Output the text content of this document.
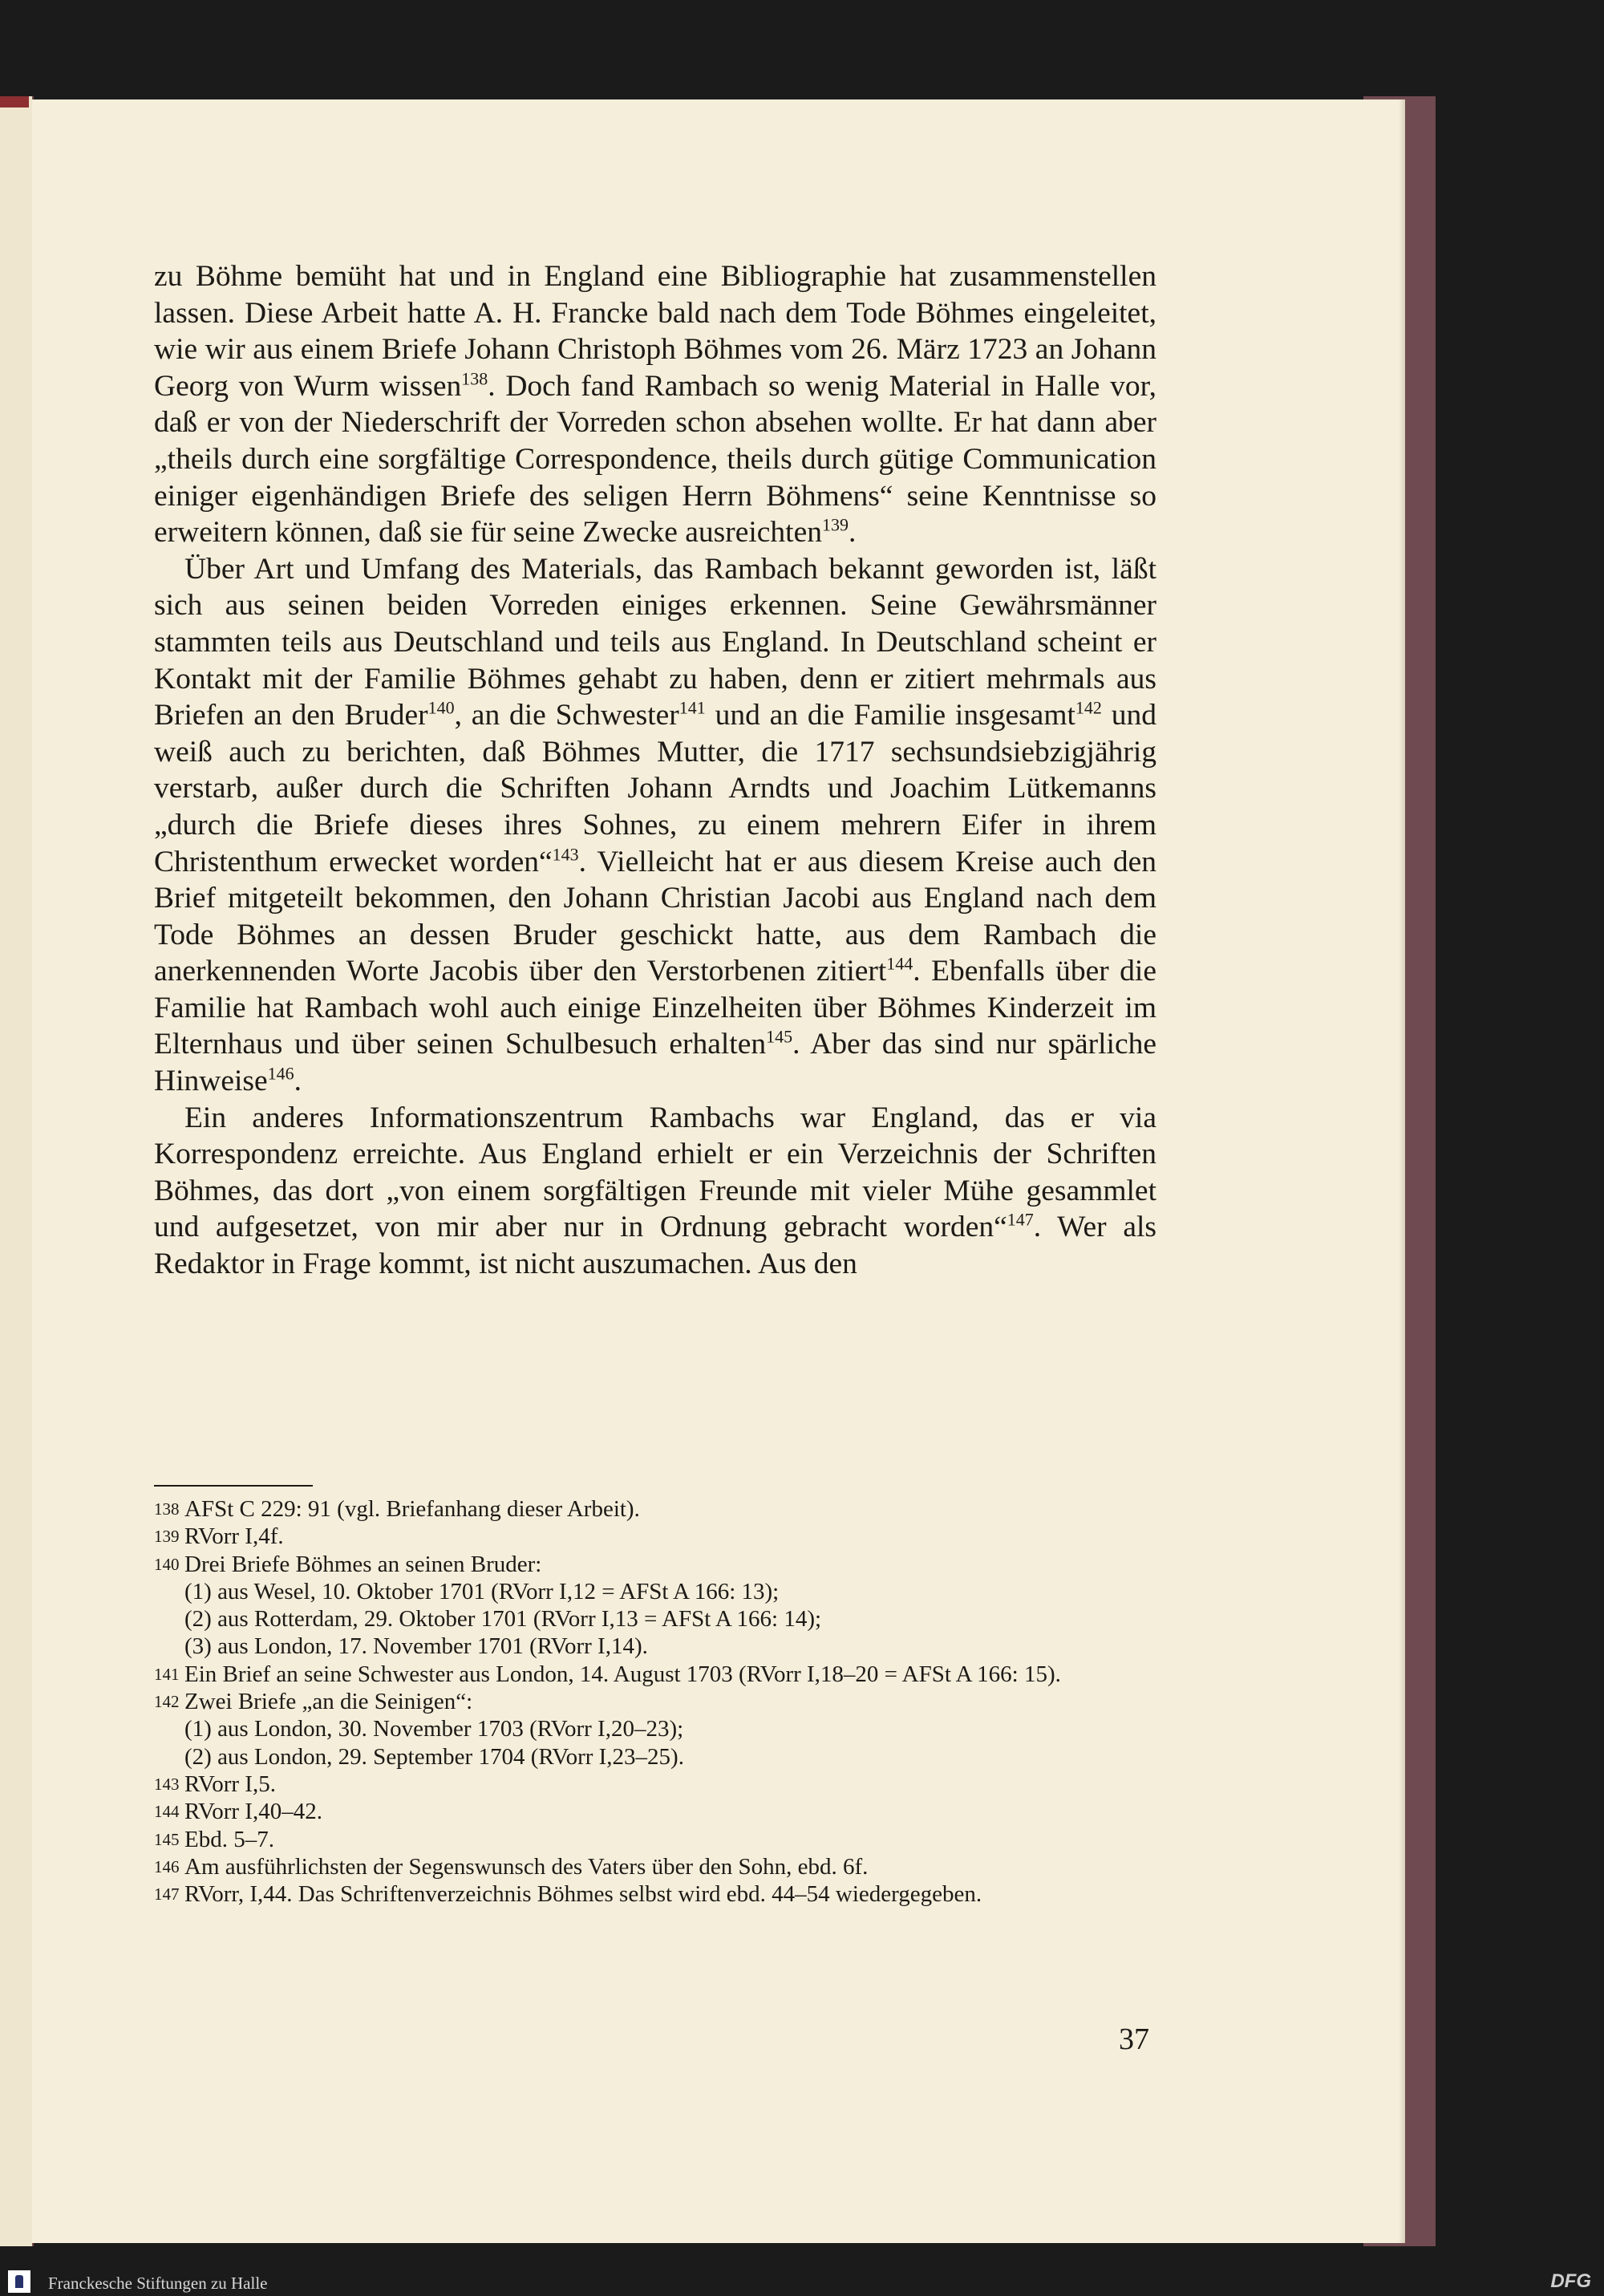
zu Böhme bemüht hat und in England eine Bibliographie hat zusammenstellen lassen. Diese Arbeit hatte A. H. Francke bald nach dem Tode Böhmes eingeleitet, wie wir aus einem Briefe Johann Christoph Böhmes vom 26. März 1723 an Johann Georg von Wurm wissen$^{138}$. Doch fand Rambach so wenig Material in Halle vor, daß er von der Niederschrift der Vorreden schon absehen wollte. Er hat dann aber „theils durch eine sorgfältige Correspondence, theils durch gütige Communication einiger eigenhändigen Briefe des seligen Herrn Böhmens“ seine Kenntnisse so erweitern können, daß sie für seine Zwecke ausreichten$^{139}$.

Über Art und Umfang des Materials, das Rambach bekannt geworden ist, läßt sich aus seinen beiden Vorreden einiges erkennen. Seine Gewährsmänner stammten teils aus Deutschland und teils aus England. In Deutschland scheint er Kontakt mit der Familie Böhmes gehabt zu haben, denn er zitiert mehrmals aus Briefen an den Bruder$^{140}$, an die Schwester$^{141}$ und an die Familie insgesamt$^{142}$ und weiß auch zu berichten, daß Böhmes Mutter, die 1717 sechsundsiebzigjährig verstarb, außer durch die Schriften Johann Arndts und Joachim Lütkemanns „durch die Briefe dieses ihres Sohnes, zu einem mehrern Eifer in ihrem Christenthum erwecket worden“$^{143}$. Vielleicht hat er aus diesem Kreise auch den Brief mitgeteilt bekommen, den Johann Christian Jacobi aus England nach dem Tode Böhmes an dessen Bruder geschickt hatte, aus dem Rambach die anerkennenden Worte Jacobis über den Verstorbenen zitiert$^{144}$. Ebenfalls über die Familie hat Rambach wohl auch einige Einzelheiten über Böhmes Kinderzeit im Elternhaus und über seinen Schulbesuch erhalten$^{145}$. Aber das sind nur spärliche Hinweise$^{146}$.

Ein anderes Informationszentrum Rambachs war England, das er via Korrespondenz erreichte. Aus England erhielt er ein Verzeichnis der Schriften Böhmes, das dort „von einem sorgfältigen Freunde mit vieler Mühe gesammlet und aufgesetzet, von mir aber nur in Ordnung gebracht worden“$^{147}$. Wer als Redaktor in Frage kommt, ist nicht auszumachen. Aus den

138 AFSt C 229: 91 (vgl. Briefanhang dieser Arbeit).

139 RVorr I,4f.

140 Drei Briefe Böhmes an seinen Bruder:

(1) aus Wesel, 10. Oktober 1701 (RVorr I,12 = AFSt A 166: 13);

(2) aus Rotterdam, 29. Oktober 1701 (RVorr I,13 = AFSt A 166: 14);

(3) aus London, 17. November 1701 (RVorr I,14).

141 Ein Brief an seine Schwester aus London, 14. August 1703 (RVorr I,18–20 = AFSt A 166: 15).

142 Zwei Briefe „an die Seinigen“:

(1) aus London, 30. November 1703 (RVorr I,20–23);

(2) aus London, 29. September 1704 (RVorr I,23–25).

143 RVorr I,5.

144 RVorr I,40–42.

145 Ebd. 5–7.

146 Am ausführlichsten der Segenswunsch des Vaters über den Sohn, ebd. 6f.

147 RVorr, I,44. Das Schriftenverzeichnis Böhmes selbst wird ebd. 44–54 wiedergegeben.

37
Franckesche Stiftungen zu Halle	DFG
